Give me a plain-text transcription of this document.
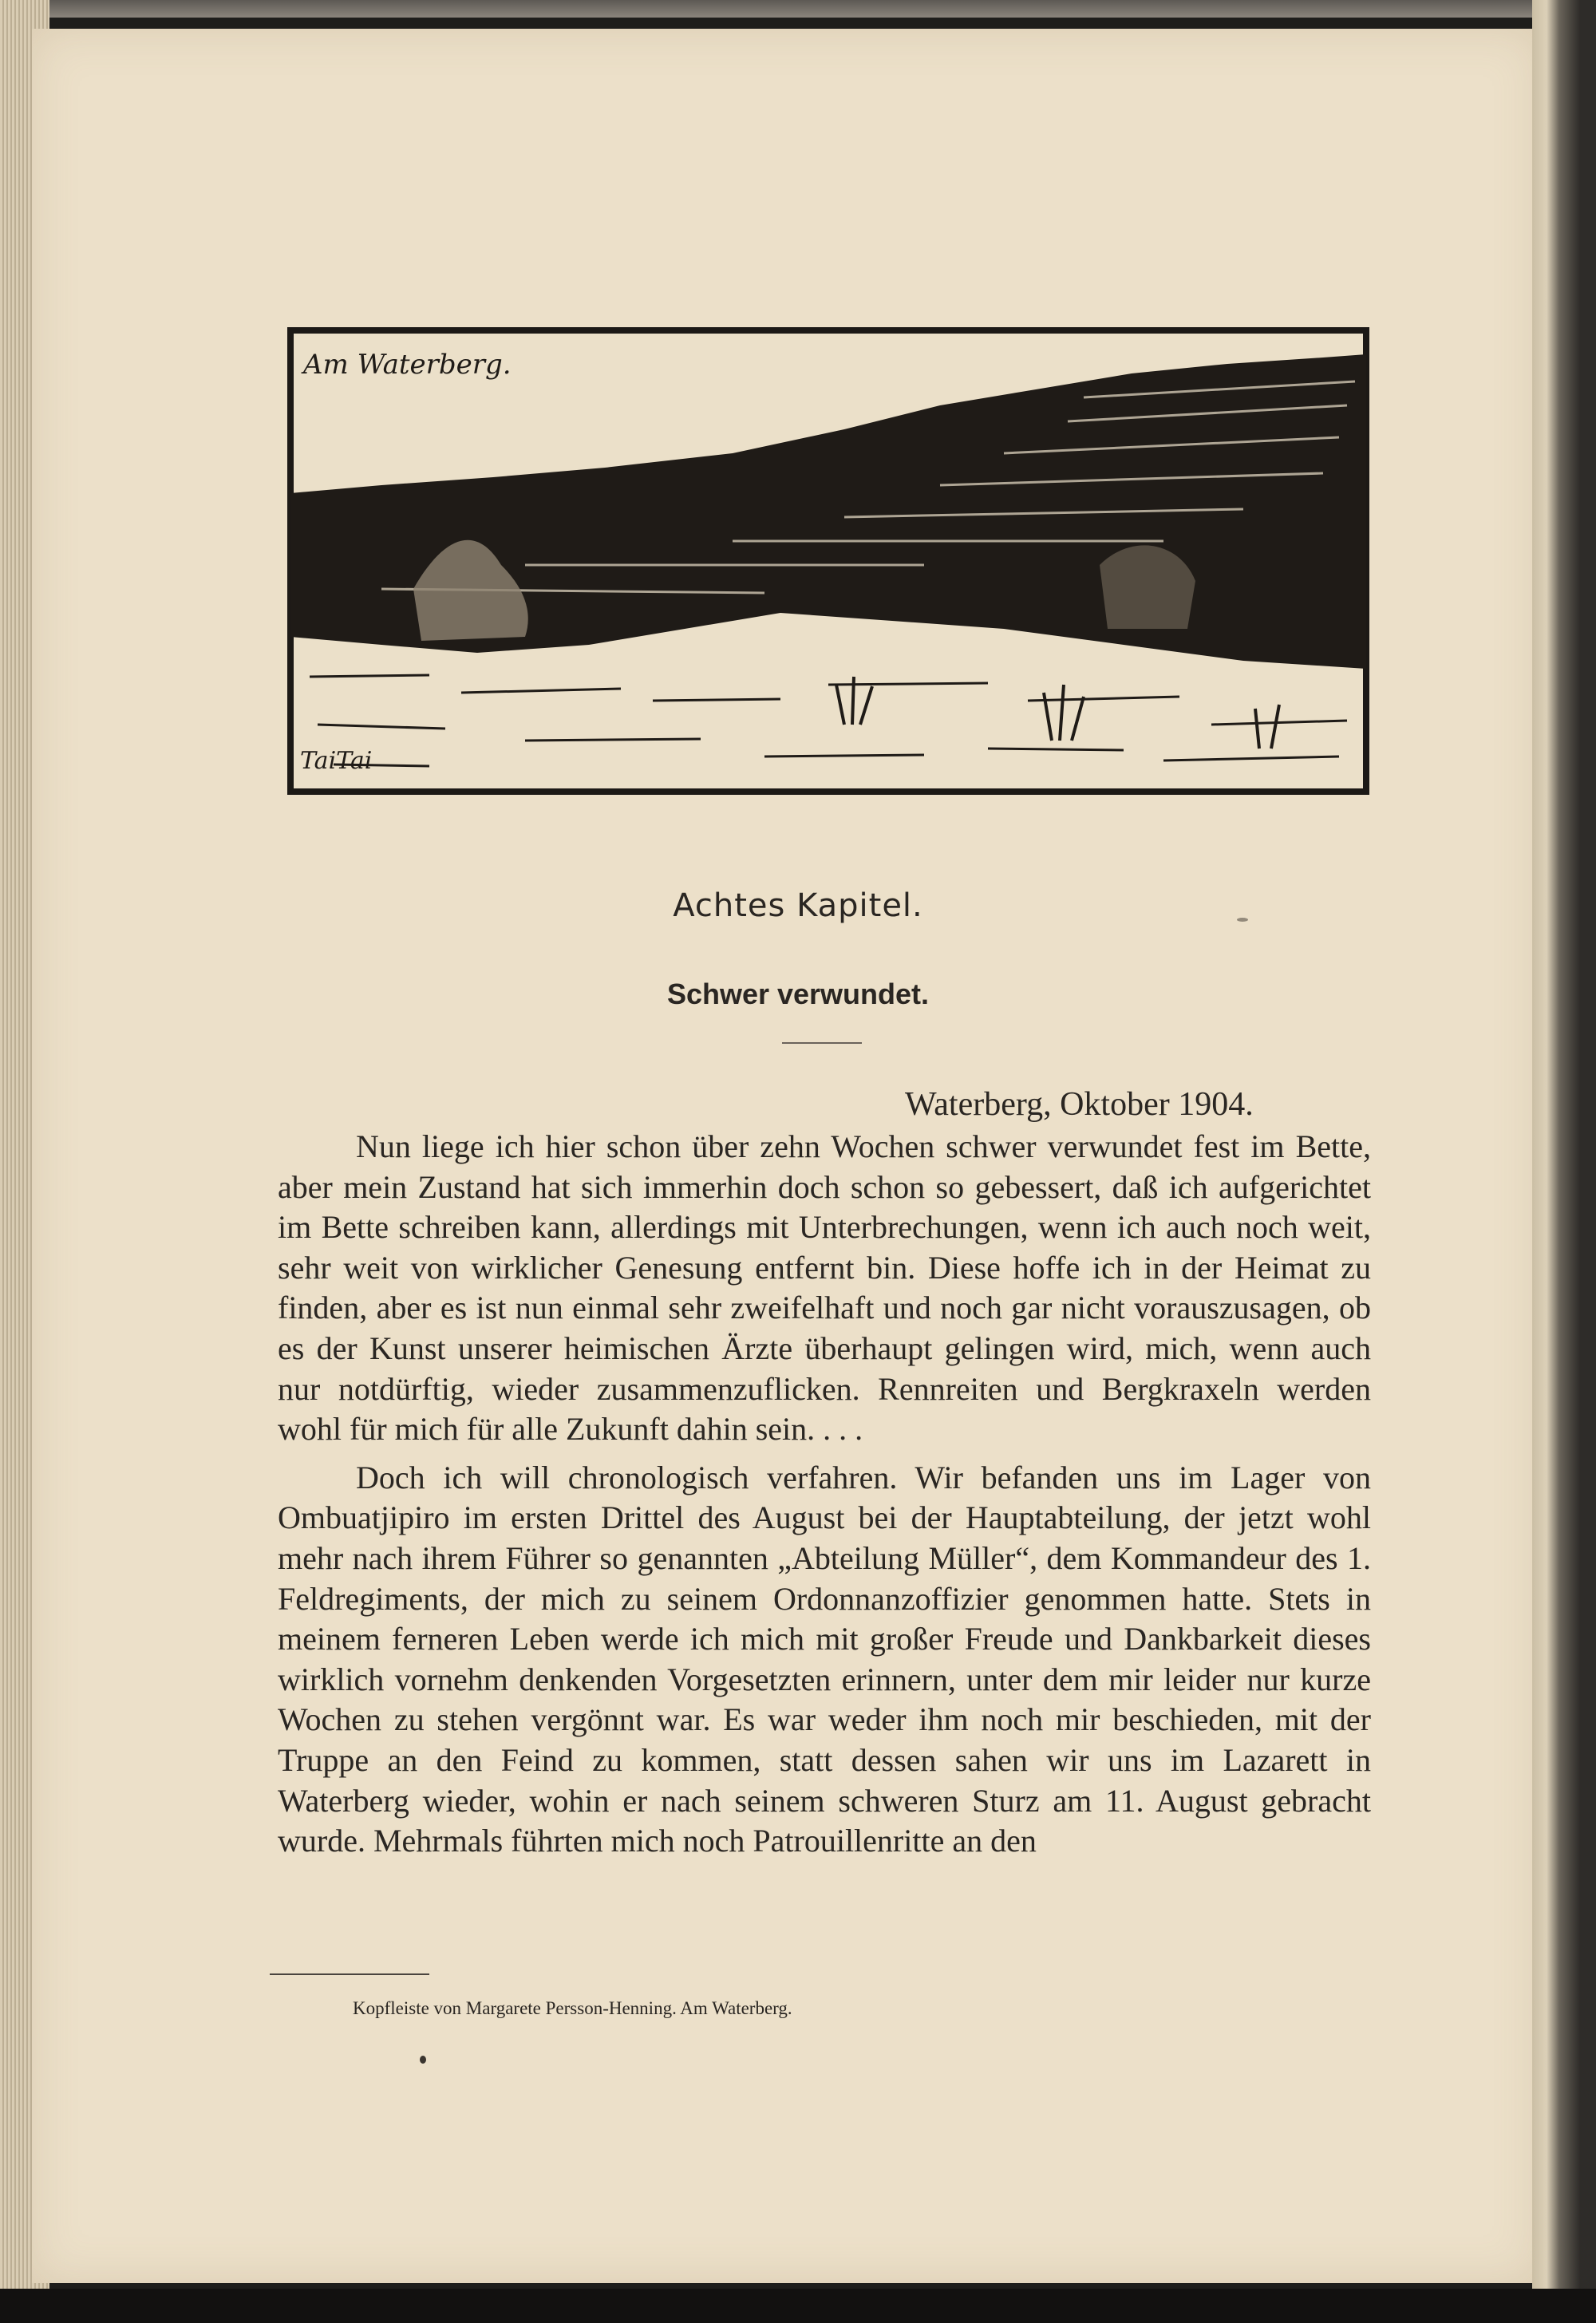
Am Waterberg.
TaiTai
Achtes Kapitel.
Schwer verwundet.
Waterberg, Oktober 1904.

Nun liege ich hier schon über zehn Wochen schwer verwundet fest im Bette, aber mein Zustand hat sich immerhin doch schon so gebessert, daß ich aufgerichtet im Bette schreiben kann, allerdings mit Unterbrechungen, wenn ich auch noch weit, sehr weit von wirklicher Genesung entfernt bin. Diese hoffe ich in der Heimat zu finden, aber es ist nun einmal sehr zweifelhaft und noch gar nicht vorauszusagen, ob es der Kunst unserer heimischen Ärzte überhaupt gelingen wird, mich, wenn auch nur notdürftig, wieder zusammenzuflicken. Rennreiten und Bergkraxeln werden wohl für mich für alle Zukunft dahin sein. . . .

Doch ich will chronologisch verfahren. Wir befanden uns im Lager von Ombuatjipiro im ersten Drittel des August bei der Hauptabteilung, der jetzt wohl mehr nach ihrem Führer so genannten „Abteilung Müller“, dem Kommandeur des 1. Feldregiments, der mich zu seinem Ordonnanzoffizier genommen hatte. Stets in meinem ferneren Leben werde ich mich mit großer Freude und Dankbarkeit dieses wirklich vornehm denkenden Vorgesetzten erinnern, unter dem mir leider nur kurze Wochen zu stehen vergönnt war. Es war weder ihm noch mir beschieden, mit der Truppe an den Feind zu kommen, statt dessen sahen wir uns im Lazarett in Waterberg wieder, wohin er nach seinem schweren Sturz am 11. August gebracht wurde. Mehrmals führten mich noch Patrouillenritte an den

Kopfleiste von Margarete Persson-Henning. Am Waterberg.
